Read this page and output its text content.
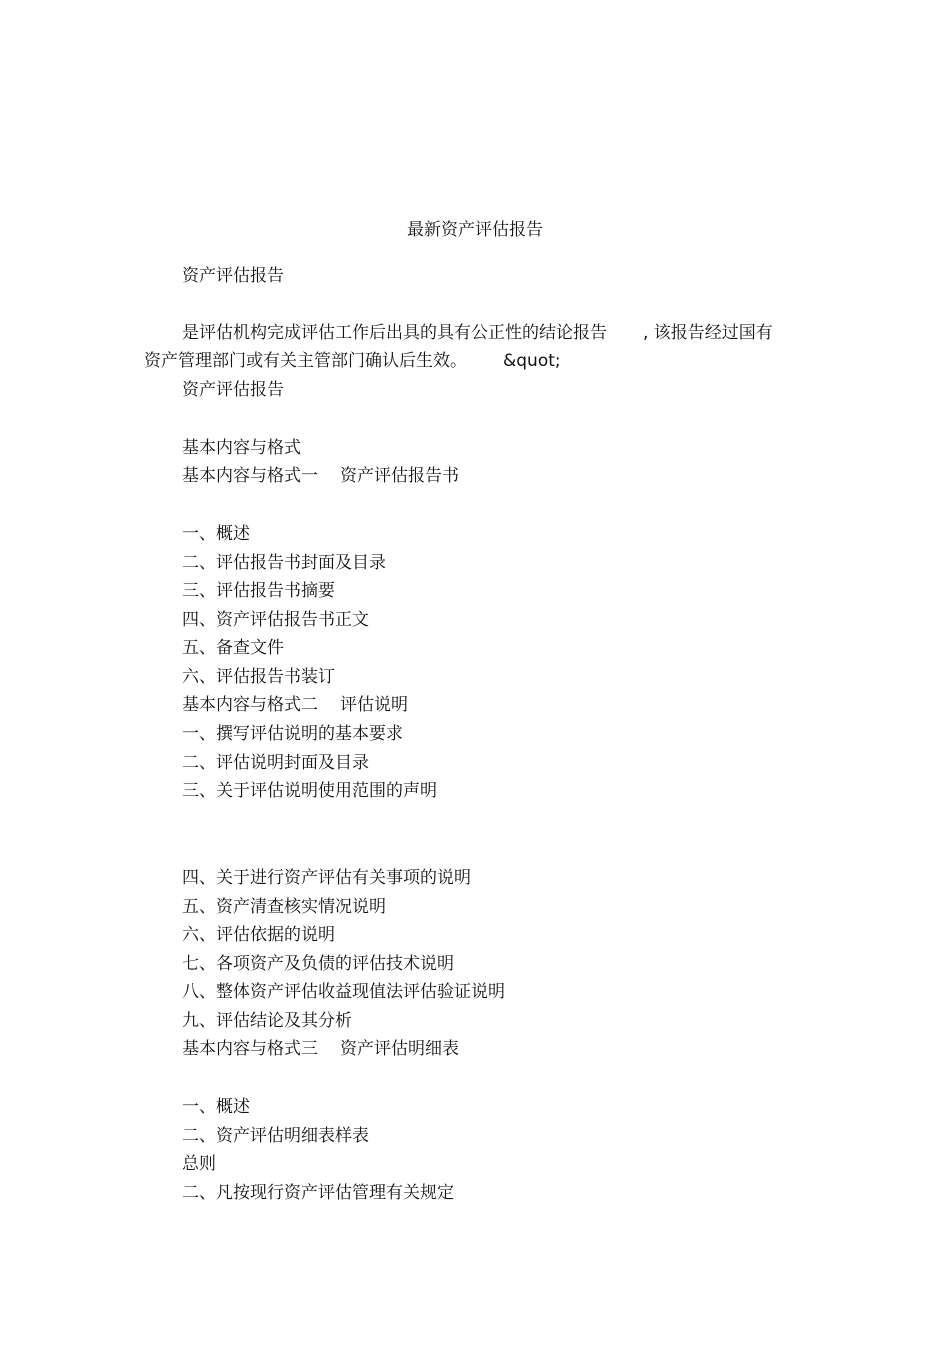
最新资产评估报告
资产评估报告
是评估机构完成评估工作后出具的具有公正性的结论报告 , 该报告经过国有
资产管理部门或有关主管部门确认后生效。 &quot;
资产评估报告
基本内容与格式
基本内容与格式一 资产评估报告书
一、概述
二、评估报告书封面及目录
三、评估报告书摘要
四、资产评估报告书正文
五、备查文件
六、评估报告书装订
基本内容与格式二 评估说明
一、撰写评估说明的基本要求
二、评估说明封面及目录
三、关于评估说明使用范围的声明
四、关于进行资产评估有关事项的说明
五、资产清查核实情况说明
六、评估依据的说明
七、各项资产及负债的评估技术说明
八、整体资产评估收益现值法评估验证说明
九、评估结论及其分析
基本内容与格式三 资产评估明细表
一、概述
二、资产评估明细表样表
总则
二、凡按现行资产评估管理有关规定
